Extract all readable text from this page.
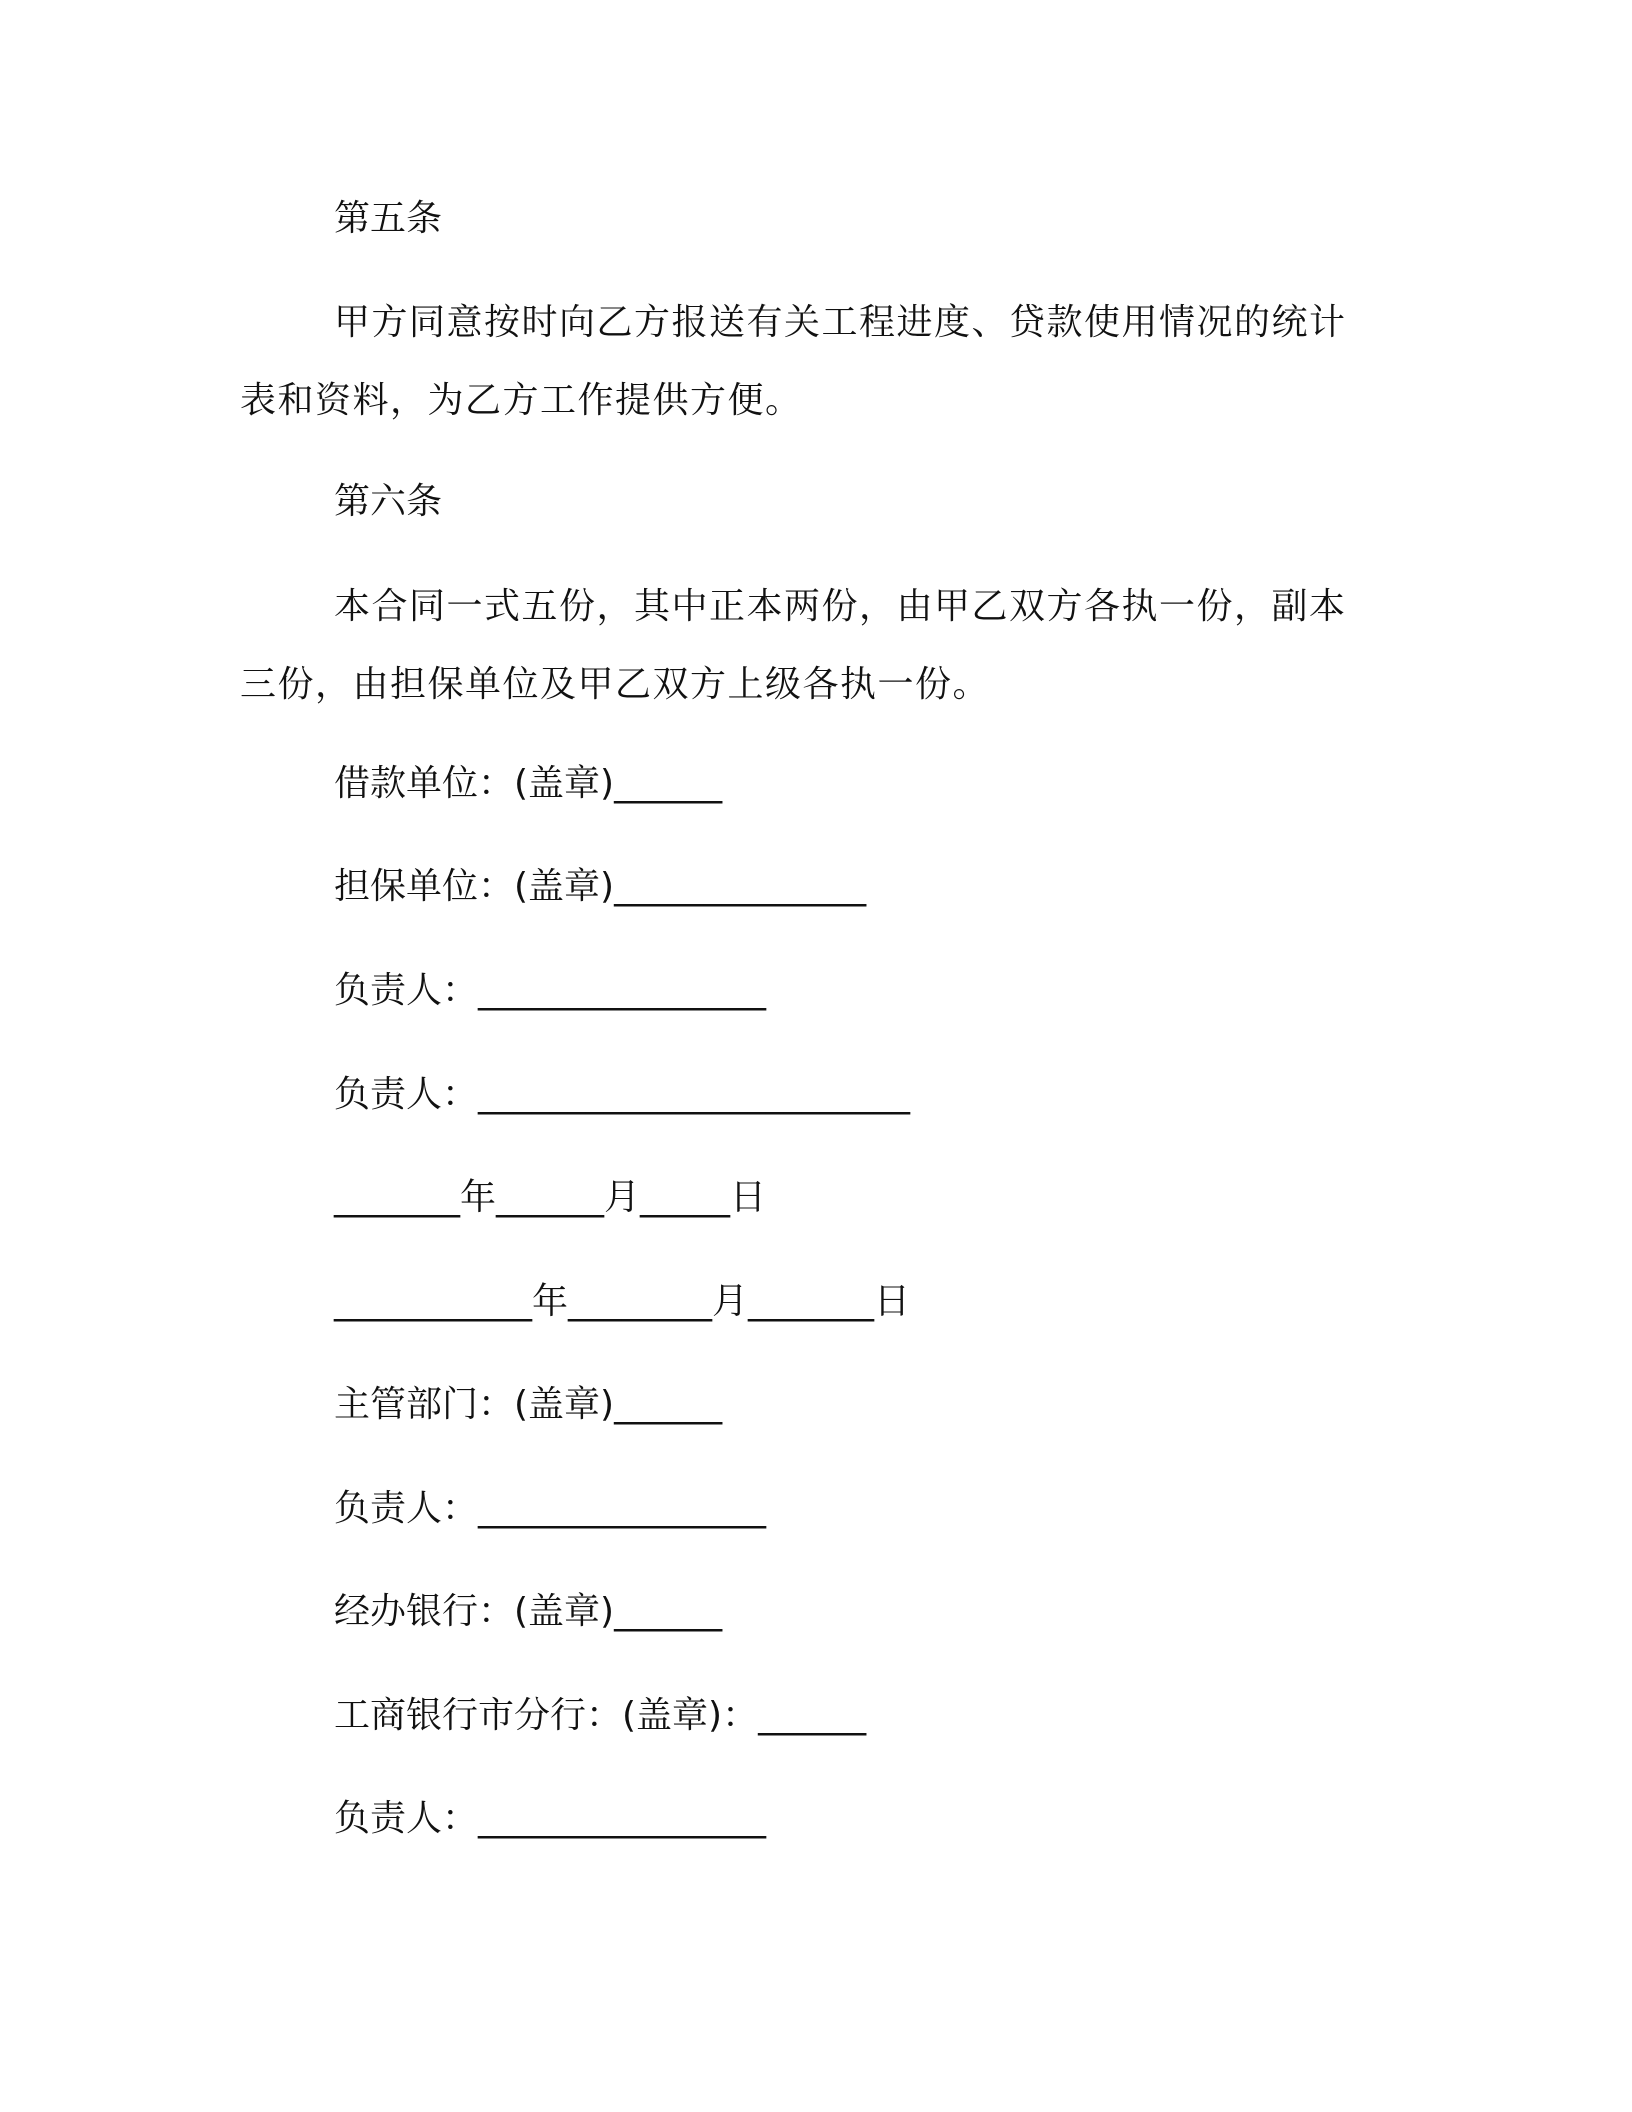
第五条
甲方同意按时向乙方报送有关工程进度、贷款使用情况的统计表和资料，为乙方工作提供方便。
第六条
本合同一式五份，其中正本两份，由甲乙双方各执一份，副本三份，由担保单位及甲乙双方上级各执一份。
借款单位：(盖章)______
担保单位：(盖章)______________
负责人：________________
负责人：________________________
_______年______月_____日
___________年________月_______日
主管部门：(盖章)______
负责人：________________
经办银行：(盖章)______
工商银行市分行：(盖章)：______
负责人：________________
